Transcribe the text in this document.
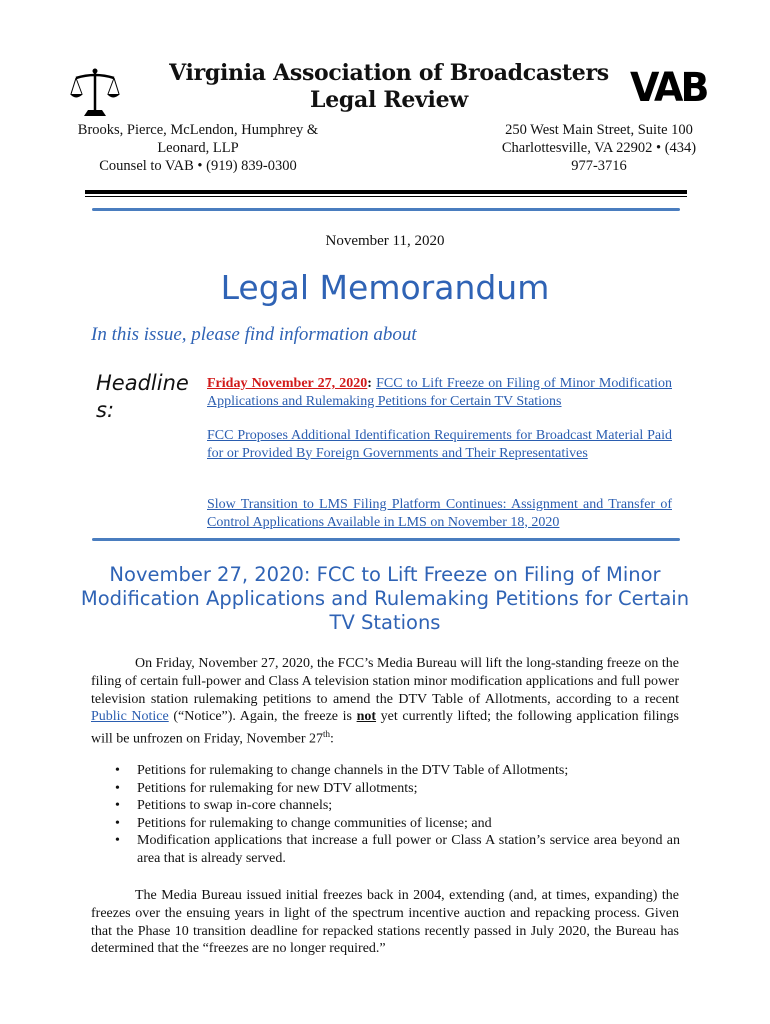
Virginia Association of Broadcasters
Legal Review	VAB
Brooks, Pierce, McLendon, Humphrey &
Leonard, LLP
Counsel to VAB • (919) 839-0300
250 West Main Street, Suite 100
Charlottesville, VA 22902 • (434)
977-3716
November 11, 2020
Legal Memorandum
In this issue, please find information about
Headline
s:
Friday November 27, 2020: FCC to Lift Freeze on Filing of Minor Modification Applications and Rulemaking Petitions for Certain TV Stations
FCC Proposes Additional Identification Requirements for Broadcast Material Paid for or Provided By Foreign Governments and Their Representatives
Slow Transition to LMS Filing Platform Continues: Assignment and Transfer of Control Applications Available in LMS on November 18, 2020
November 27, 2020: FCC to Lift Freeze on Filing of Minor Modification Applications and Rulemaking Petitions for Certain TV Stations
On Friday, November 27, 2020, the FCC’s Media Bureau will lift the long-standing freeze on the filing of certain full-power and Class A television station minor modification applications and full power television station rulemaking petitions to amend the DTV Table of Allotments, according to a recent Public Notice (“Notice”). Again, the freeze is not yet currently lifted; the following application filings will be unfrozen on Friday, November 27th:
• Petitions for rulemaking to change channels in the DTV Table of Allotments;
• Petitions for rulemaking for new DTV allotments;
• Petitions to swap in-core channels;
• Petitions for rulemaking to change communities of license; and
• Modification applications that increase a full power or Class A station’s service area beyond an area that is already served.
The Media Bureau issued initial freezes back in 2004, extending (and, at times, expanding) the freezes over the ensuing years in light of the spectrum incentive auction and repacking process. Given that the Phase 10 transition deadline for repacked stations recently passed in July 2020, the Bureau has determined that the “freezes are no longer required.”
